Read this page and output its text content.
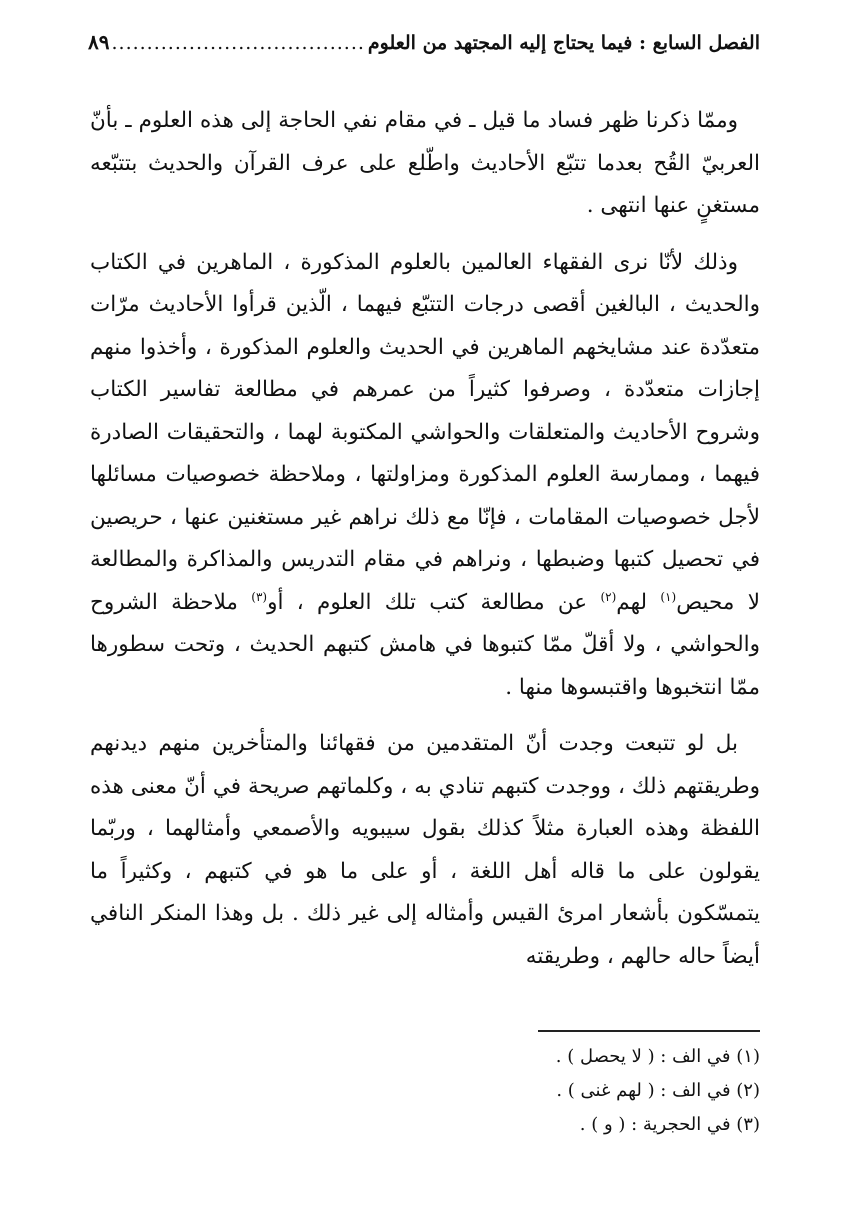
٨٩ .................................... الفصل السابع : فيما يحتاج إليه المجتهد من العلوم

وممّا ذكرنا ظهر فساد ما قيل ـ في مقام نفي الحاجة إلى هذه العلوم ـ بأنّ العربيّ القُح بعدما تتبّع الأحاديث واطّلع على عرف القرآن والحديث بتتبّعه مستغنٍ عنها انتهى .

وذلك لأنّا نرى الفقهاء العالمين بالعلوم المذكورة ، الماهرين في الكتاب والحديث ، البالغين أقصى درجات التتبّع فيهما ، الّذين قرأوا الأحاديث مرّات متعدّدة عند مشايخهم الماهرين في الحديث والعلوم المذكورة ، وأخذوا منهم إجازات متعدّدة ، وصرفوا كثيراً من عمرهم في مطالعة تفاسير الكتاب وشروح الأحاديث والمتعلقات والحواشي المكتوبة لهما ، والتحقيقات الصادرة فيهما ، وممارسة العلوم المذكورة ومزاولتها ، وملاحظة خصوصيات مسائلها لأجل خصوصيات المقامات ، فإنّا مع ذلك نراهم غير مستغنين عنها ، حريصين في تحصيل كتبها وضبطها ، ونراهم في مقام التدريس والمذاكرة والمطالعة لا محيص$^{(١)}$ لهم$^{(٢)}$ عن مطالعة كتب تلك العلوم ، أو$^{(٣)}$ ملاحظة الشروح والحواشي ، ولا أقلّ ممّا كتبوها في هامش كتبهم الحديث ، وتحت سطورها ممّا انتخبوها واقتبسوها منها .

بل لو تتبعت وجدت أنّ المتقدمين من فقهائنا والمتأخرين منهم ديدنهم وطريقتهم ذلك ، ووجدت كتبهم تنادي به ، وكلماتهم صريحة في أنّ معنى هذه اللفظة وهذه العبارة مثلاً كذلك بقول سيبويه والأصمعي وأمثالهما ، وربّما يقولون على ما قاله أهل اللغة ، أو على ما هو في كتبهم ، وكثيراً ما يتمسّكون بأشعار امرئ القيس وأمثاله إلى غير ذلك . بل وهذا المنكر النافي أيضاً حاله حالهم ، وطريقته

(١) في الف : ( لا يحصل ) .

(٢) في الف : ( لهم غنى ) .

(٣) في الحجرية : ( و ) .
